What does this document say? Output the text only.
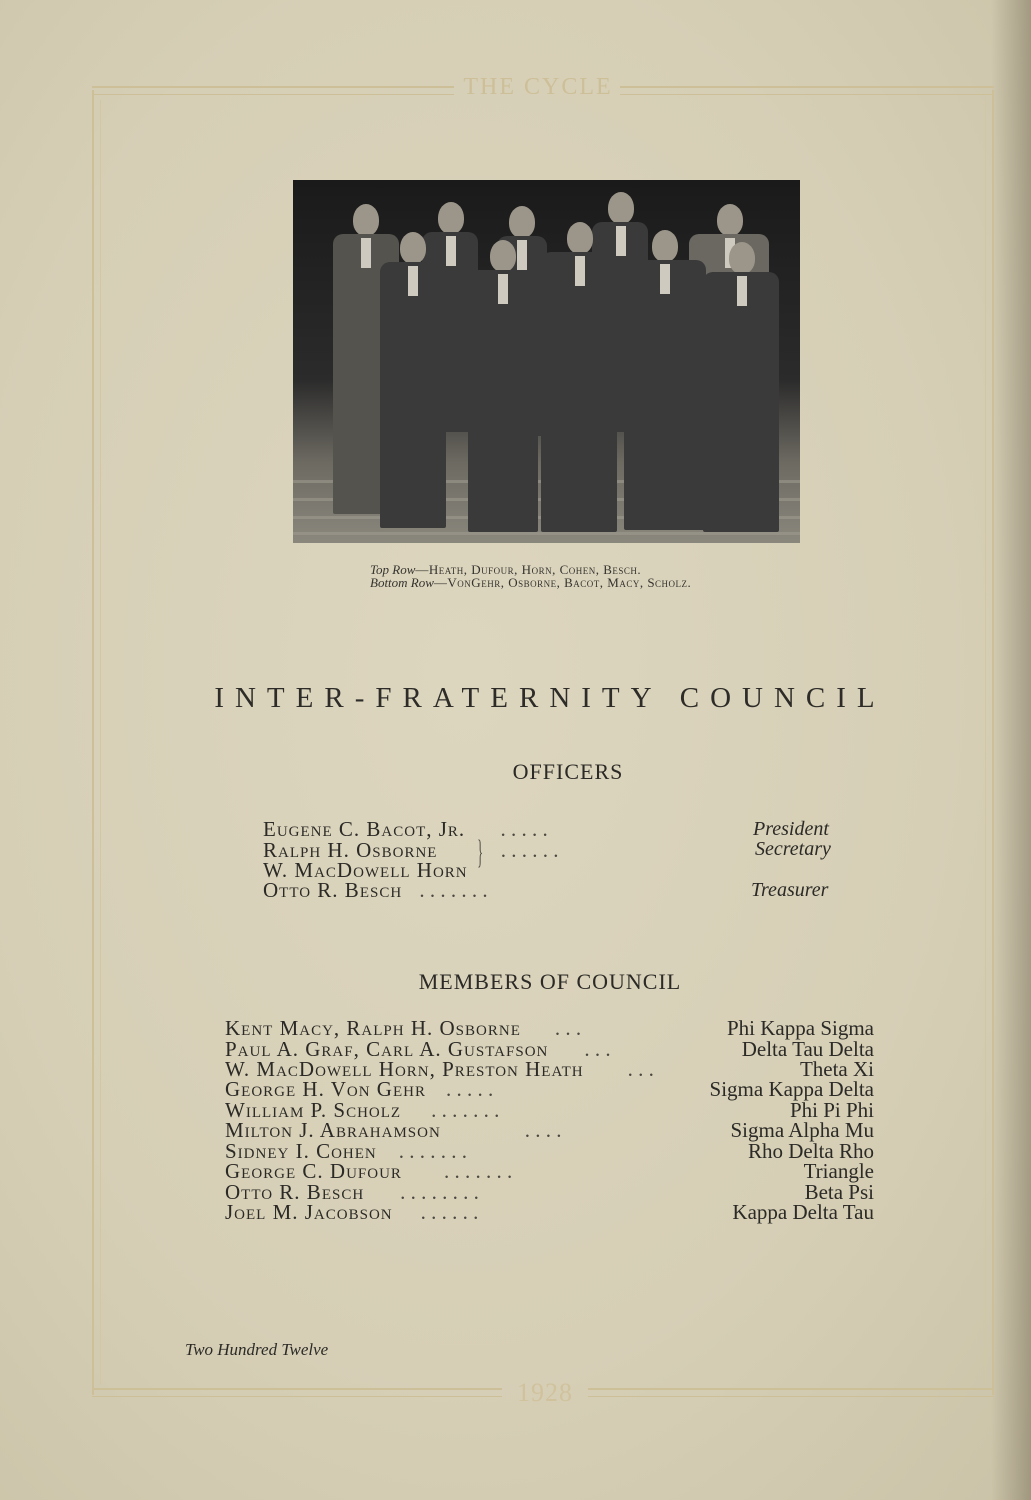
THE CYCLE
1928
Top Row—Heath, Dufour, Horn, Cohen, Besch.
Bottom Row—VonGehr, Osborne, Bacot, Macy, Scholz.
INTER-FRATERNITY COUNCIL
OFFICERS
Eugene C. Bacot, Jr. . . . . .	President
Ralph H. Osborne	. . . . . .	Secretary
W. MacDowell Horn }
Otto R. Besch . . . . . . .	Treasurer
MEMBERS OF COUNCIL
Kent Macy, Ralph H. Osborne . . .	Phi Kappa Sigma
Paul A. Graf, Carl A. Gustafson . . .	Delta Tau Delta
W. MacDowell Horn, Preston Heath . . .	Theta Xi
George H. Von Gehr . . . . .	Sigma Kappa Delta
William P. Scholz . . . . . . .	Phi Pi Phi
Milton J. Abrahamson	. . . .	Sigma Alpha Mu
Sidney I. Cohen . . . . . . .	Rho Delta Rho
George C. Dufour . . . . . . .	Triangle
Otto R. Besch . . . . . . . .	Beta Psi
Joel M. Jacobson . . . . . .	Kappa Delta Tau
Two Hundred Twelve
